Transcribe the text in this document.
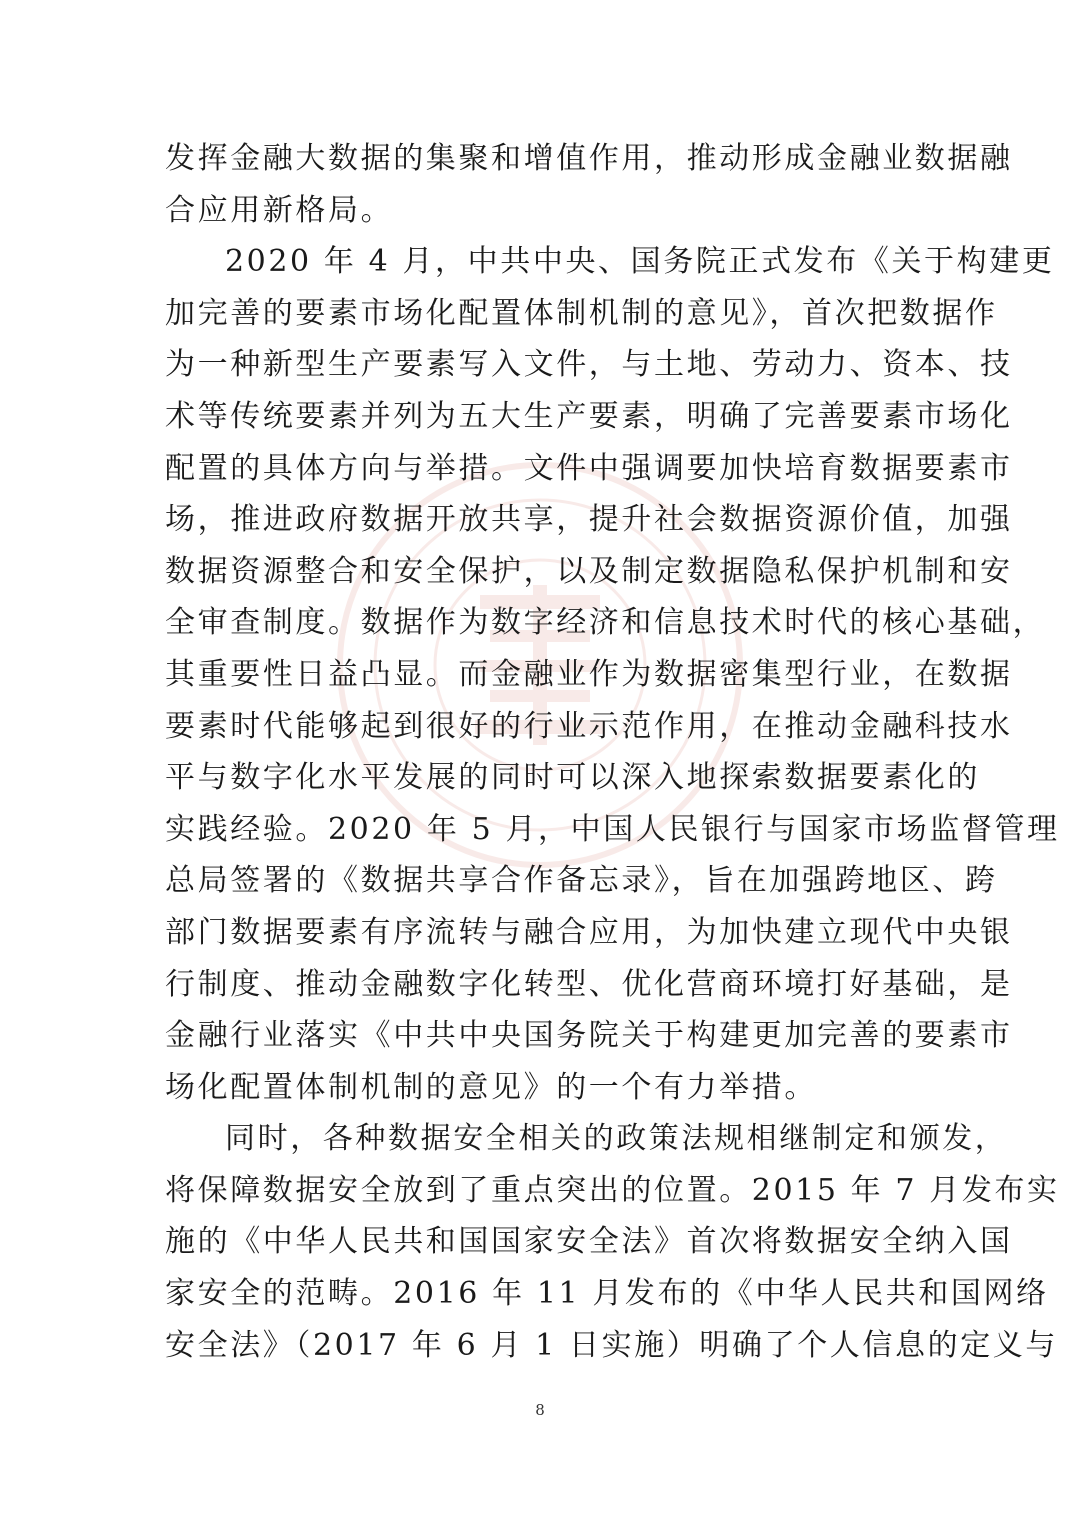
发挥金融大数据的集聚和增值作用，推动形成金融业数据融
合应用新格局。
2020 年 4 月，中共中央、国务院正式发布《关于构建更
加完善的要素市场化配置体制机制的意见》，首次把数据作
为一种新型生产要素写入文件，与土地、劳动力、资本、技
术等传统要素并列为五大生产要素，明确了完善要素市场化
配置的具体方向与举措。文件中强调要加快培育数据要素市
场，推进政府数据开放共享，提升社会数据资源价值，加强
数据资源整合和安全保护，以及制定数据隐私保护机制和安
全审查制度。数据作为数字经济和信息技术时代的核心基础，
其重要性日益凸显。而金融业作为数据密集型行业，在数据
要素时代能够起到很好的行业示范作用，在推动金融科技水
平与数字化水平发展的同时可以深入地探索数据要素化的
实践经验。2020 年 5 月，中国人民银行与国家市场监督管理
总局签署的《数据共享合作备忘录》，旨在加强跨地区、跨
部门数据要素有序流转与融合应用，为加快建立现代中央银
行制度、推动金融数字化转型、优化营商环境打好基础，是
金融行业落实《中共中央国务院关于构建更加完善的要素市
场化配置体制机制的意见》的一个有力举措。
同时，各种数据安全相关的政策法规相继制定和颁发，
将保障数据安全放到了重点突出的位置。2015 年 7 月发布实
施的《中华人民共和国国家安全法》首次将数据安全纳入国
家安全的范畴。2016 年 11 月发布的《中华人民共和国网络
安全法》（2017 年 6 月 1 日实施）明确了个人信息的定义与
8
